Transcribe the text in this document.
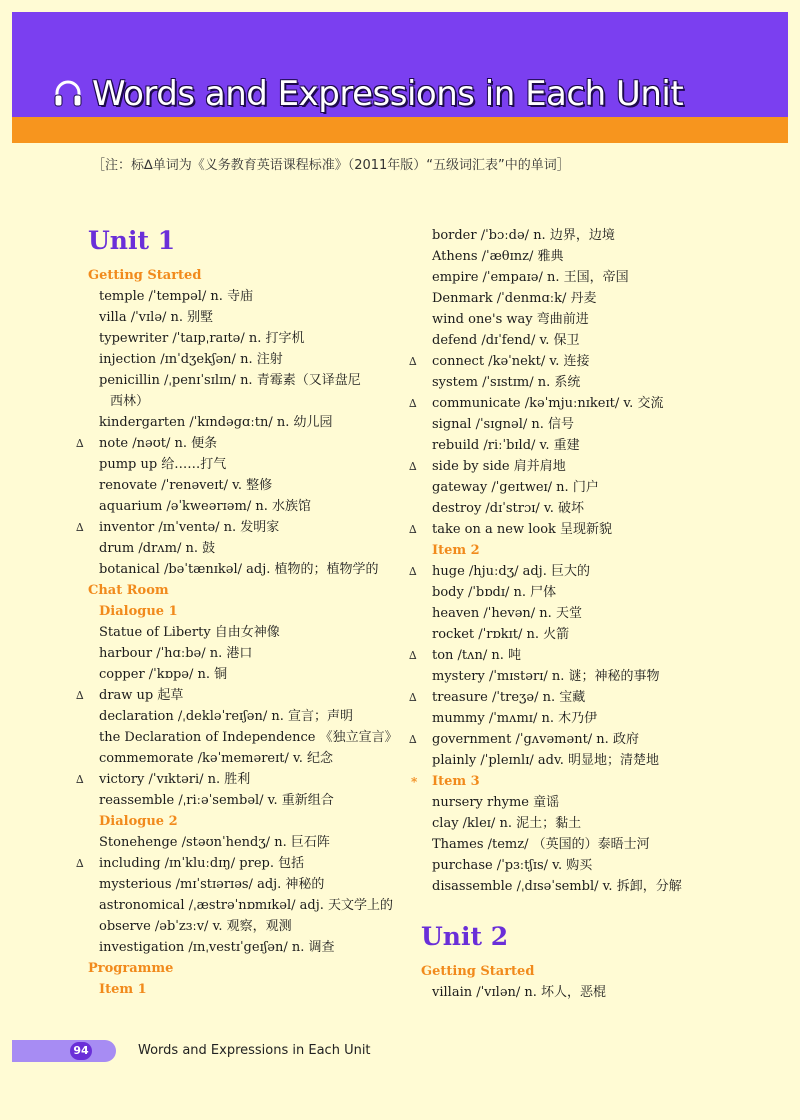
Words and Expressions in Each Unit
［注：标∆单词为《义务教育英语课程标准》（2011年版）“五级词汇表”中的单词］
Unit 1
Getting Started
temple /ˈtempəl/ n. 寺庙
villa /ˈvɪlə/ n. 别墅
typewriter /ˈtaɪpˌraɪtə/ n. 打字机
injection /ɪnˈdʒekʃən/ n. 注射
penicillin /ˌpenɪˈsɪlɪn/ n. 青霉素（又译盘尼
西林）
kindergarten /ˈkɪndəgɑːtn/ n. 幼儿园
∆ note /nəʊt/ n. 便条
pump up 给……打气
renovate /ˈrenəveɪt/ v. 整修
aquarium /əˈkweərɪəm/ n. 水族馆
∆ inventor /ɪnˈventə/ n. 发明家
drum /drʌm/ n. 鼓
botanical /bəˈtænɪkəl/ adj. 植物的；植物学的
Chat Room
Dialogue 1
Statue of Liberty 自由女神像
harbour /ˈhɑːbə/ n. 港口
copper /ˈkɒpə/ n. 铜
∆ draw up 起草
declaration /ˌdekləˈreɪʃən/ n. 宣言；声明
the Declaration of Independence 《独立宣言》
commemorate /kəˈmeməreɪt/ v. 纪念
∆ victory /ˈvɪktəri/ n. 胜利
reassemble /ˌriːəˈsembəl/ v. 重新组合
Dialogue 2
Stonehenge /stəʊnˈhendʒ/ n. 巨石阵
∆ including /ɪnˈkluːdɪŋ/ prep. 包括
mysterious /mɪˈstɪərɪəs/ adj. 神秘的
astronomical /ˌæstrəˈnɒmɪkəl/ adj. 天文学上的
observe /əbˈzɜːv/ v. 观察，观测
investigation /ɪnˌvestɪˈgeɪʃən/ n. 调查
Programme
Item 1
border /ˈbɔːdə/ n. 边界，边境
Athens /ˈæθɪnz/ 雅典
empire /ˈempaɪə/ n. 王国，帝国
Denmark /ˈdenmɑːk/ 丹麦
wind one's way 弯曲前进
defend /dɪˈfend/ v. 保卫
∆ connect /kəˈnekt/ v. 连接
system /ˈsɪstɪm/ n. 系统
∆ communicate /kəˈmjuːnɪkeɪt/ v. 交流
signal /ˈsɪgnəl/ n. 信号
rebuild /riːˈbɪld/ v. 重建
∆ side by side 肩并肩地
gateway /ˈgeɪtweɪ/ n. 门户
destroy /dɪˈstrɔɪ/ v. 破坏
∆ take on a new look 呈现新貌
Item 2
∆ huge /hjuːdʒ/ adj. 巨大的
body /ˈbɒdɪ/ n. 尸体
heaven /ˈhevən/ n. 天堂
rocket /ˈrɒkɪt/ n. 火箭
∆ ton /tʌn/ n. 吨
mystery /ˈmɪstərɪ/ n. 谜；神秘的事物
∆ treasure /ˈtreʒə/ n. 宝藏
mummy /ˈmʌmɪ/ n. 木乃伊
∆ government /ˈgʌvəmənt/ n. 政府
plainly /ˈpleɪnlɪ/ adv. 明显地；清楚地
* Item 3
nursery rhyme 童谣
clay /kleɪ/ n. 泥土；黏土
Thames /temz/ （英国的）泰晤士河
purchase /ˈpɜːtʃɪs/ v. 购买
disassemble /ˌdɪsəˈsembl/ v. 拆卸，分解
Unit 2
Getting Started
villain /ˈvɪlən/ n. 坏人，恶棍
94	Words and Expressions in Each Unit
